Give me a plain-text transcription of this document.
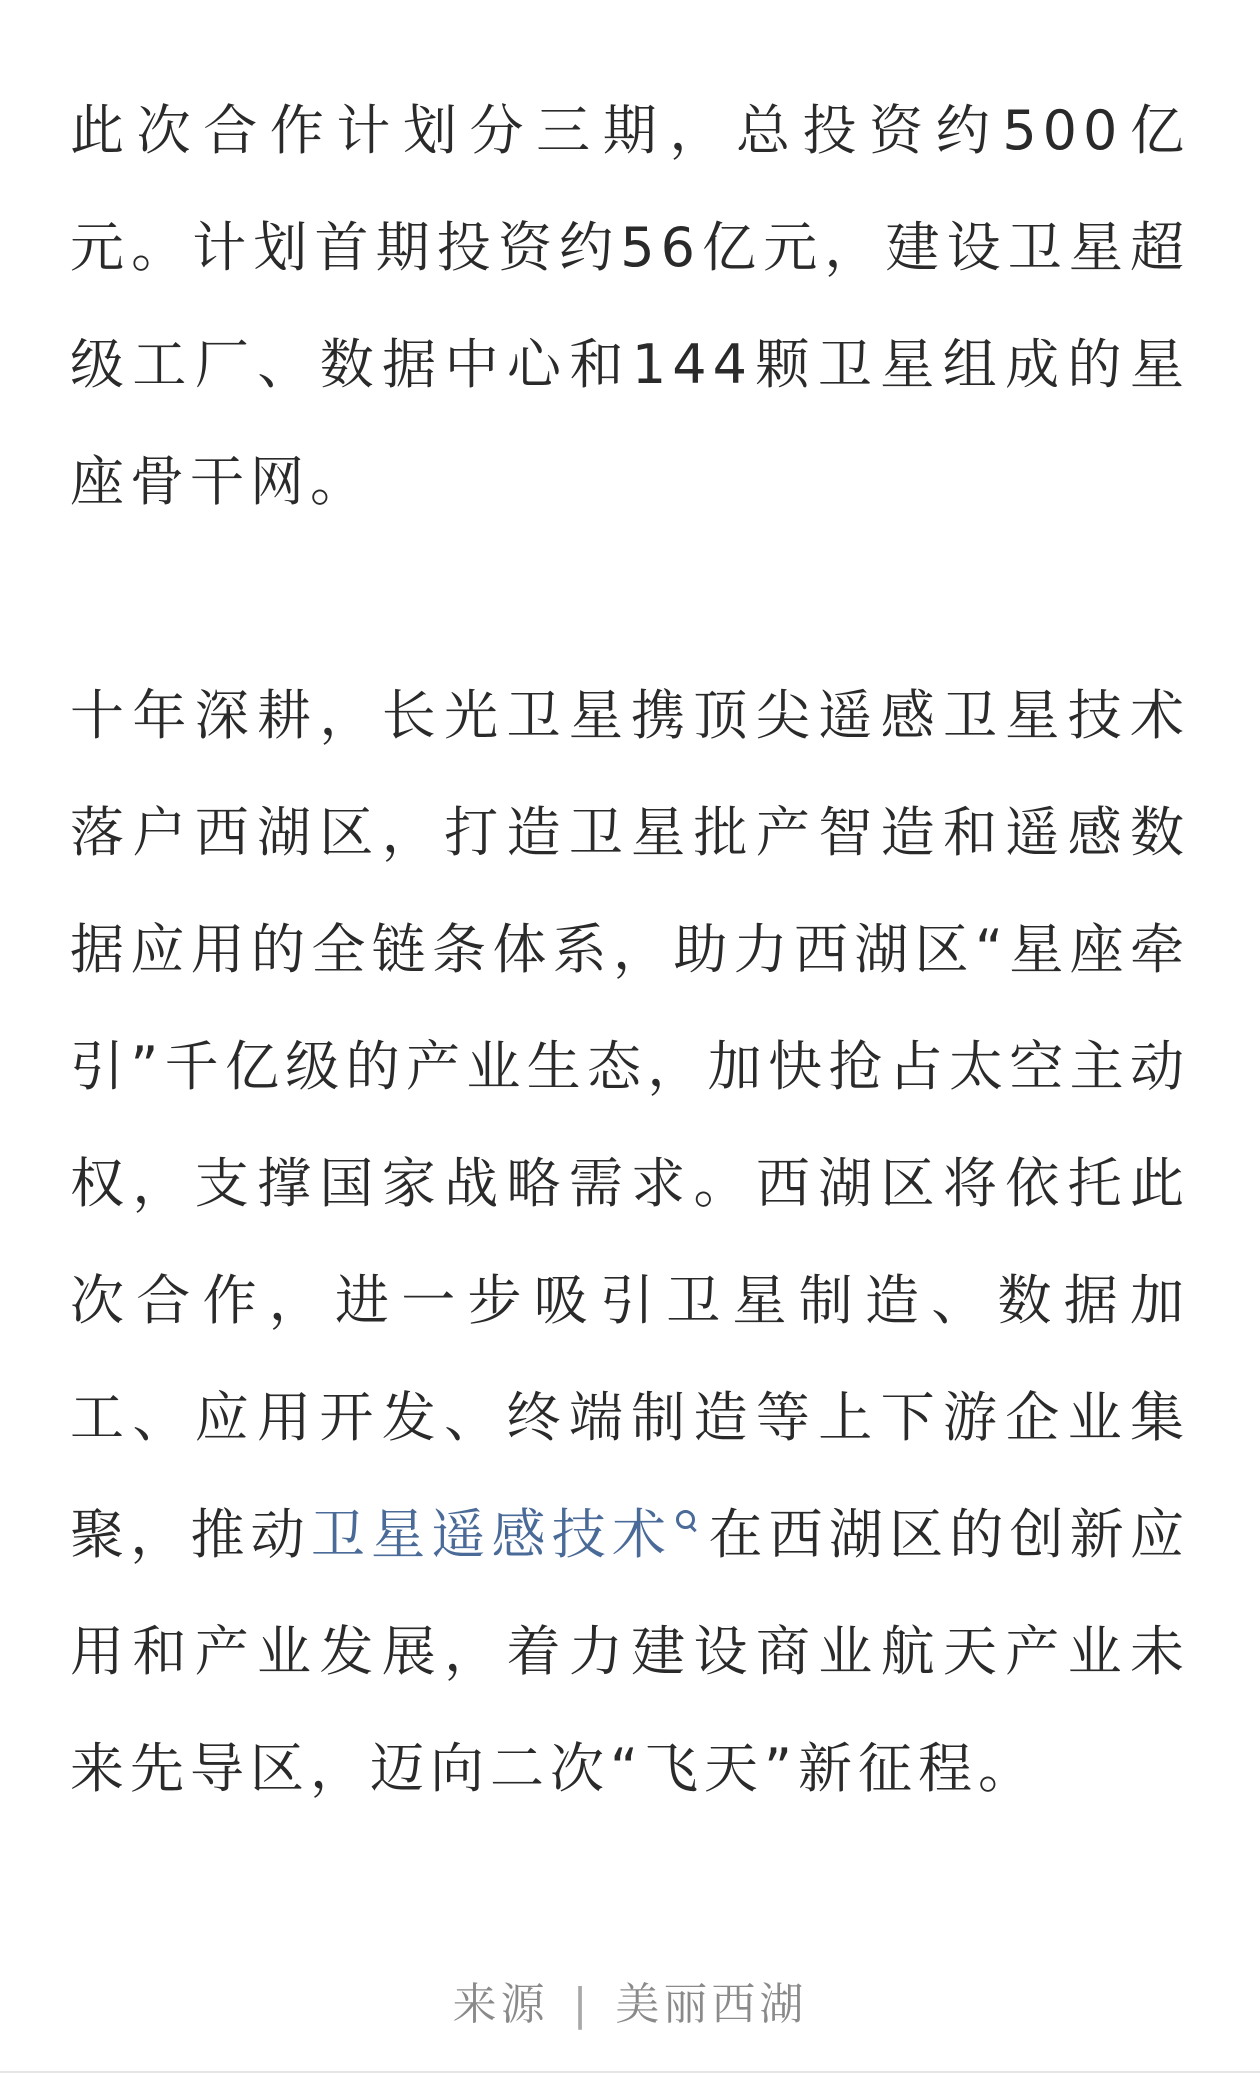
此次合作计划分三期，总投资约500亿元。计划首期投资约56亿元，建设卫星超级工厂、数据中心和144颗卫星组成的星座骨干网。

十年深耕，长光卫星携顶尖遥感卫星技术落户西湖区，打造卫星批产智造和遥感数据应用的全链条体系，助力西湖区“星座牵引”千亿级的产业生态，加快抢占太空主动权，支撑国家战略需求。西湖区将依托此次合作，进一步吸引卫星制造、数据加工、应用开发、终端制造等上下游企业集聚，推动卫星遥感技术 在西湖区的创新应用和产业发展，着力建设商业航天产业未来先导区，迈向二次“飞天”新征程。

来源 | 美丽西湖
